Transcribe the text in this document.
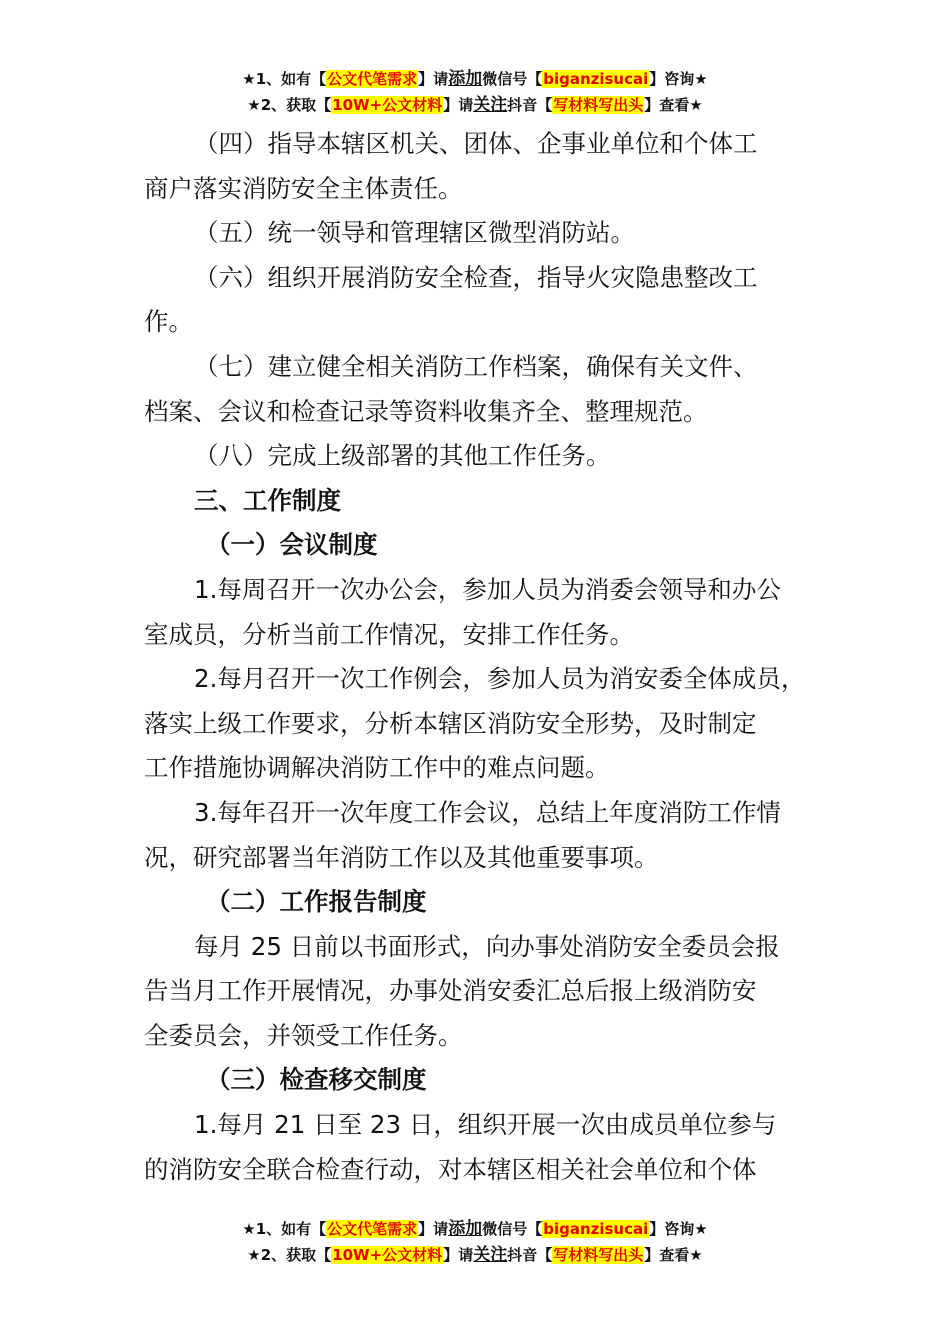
★1、如有【公文代笔需求】请添加微信号【biganzisucai】咨询★
★2、获取【10W+公文材料】请关注抖音【写材料写出头】查看★

（四）指导本辖区机关、团体、企事业单位和个体工

商户落实消防安全主体责任。

（五）统一领导和管理辖区微型消防站。

（六）组织开展消防安全检查，指导火灾隐患整改工

作。

（七）建立健全相关消防工作档案，确保有关文件、

档案、会议和检查记录等资料收集齐全、整理规范。

（八）完成上级部署的其他工作任务。

三、工作制度

（一）会议制度

1.每周召开一次办公会，参加人员为消委会领导和办公

室成员，分析当前工作情况，安排工作任务。

2.每月召开一次工作例会，参加人员为消安委全体成员，

落实上级工作要求，分析本辖区消防安全形势，及时制定

工作措施协调解决消防工作中的难点问题。

3.每年召开一次年度工作会议，总结上年度消防工作情

况，研究部署当年消防工作以及其他重要事项。

（二）工作报告制度

每月 25 日前以书面形式，向办事处消防安全委员会报

告当月工作开展情况，办事处消安委汇总后报上级消防安

全委员会，并领受工作任务。

（三）检查移交制度

1.每月 21 日至 23 日，组织开展一次由成员单位参与

的消防安全联合检查行动，对本辖区相关社会单位和个体

★1、如有【公文代笔需求】请添加微信号【biganzisucai】咨询★
★2、获取【10W+公文材料】请关注抖音【写材料写出头】查看★
